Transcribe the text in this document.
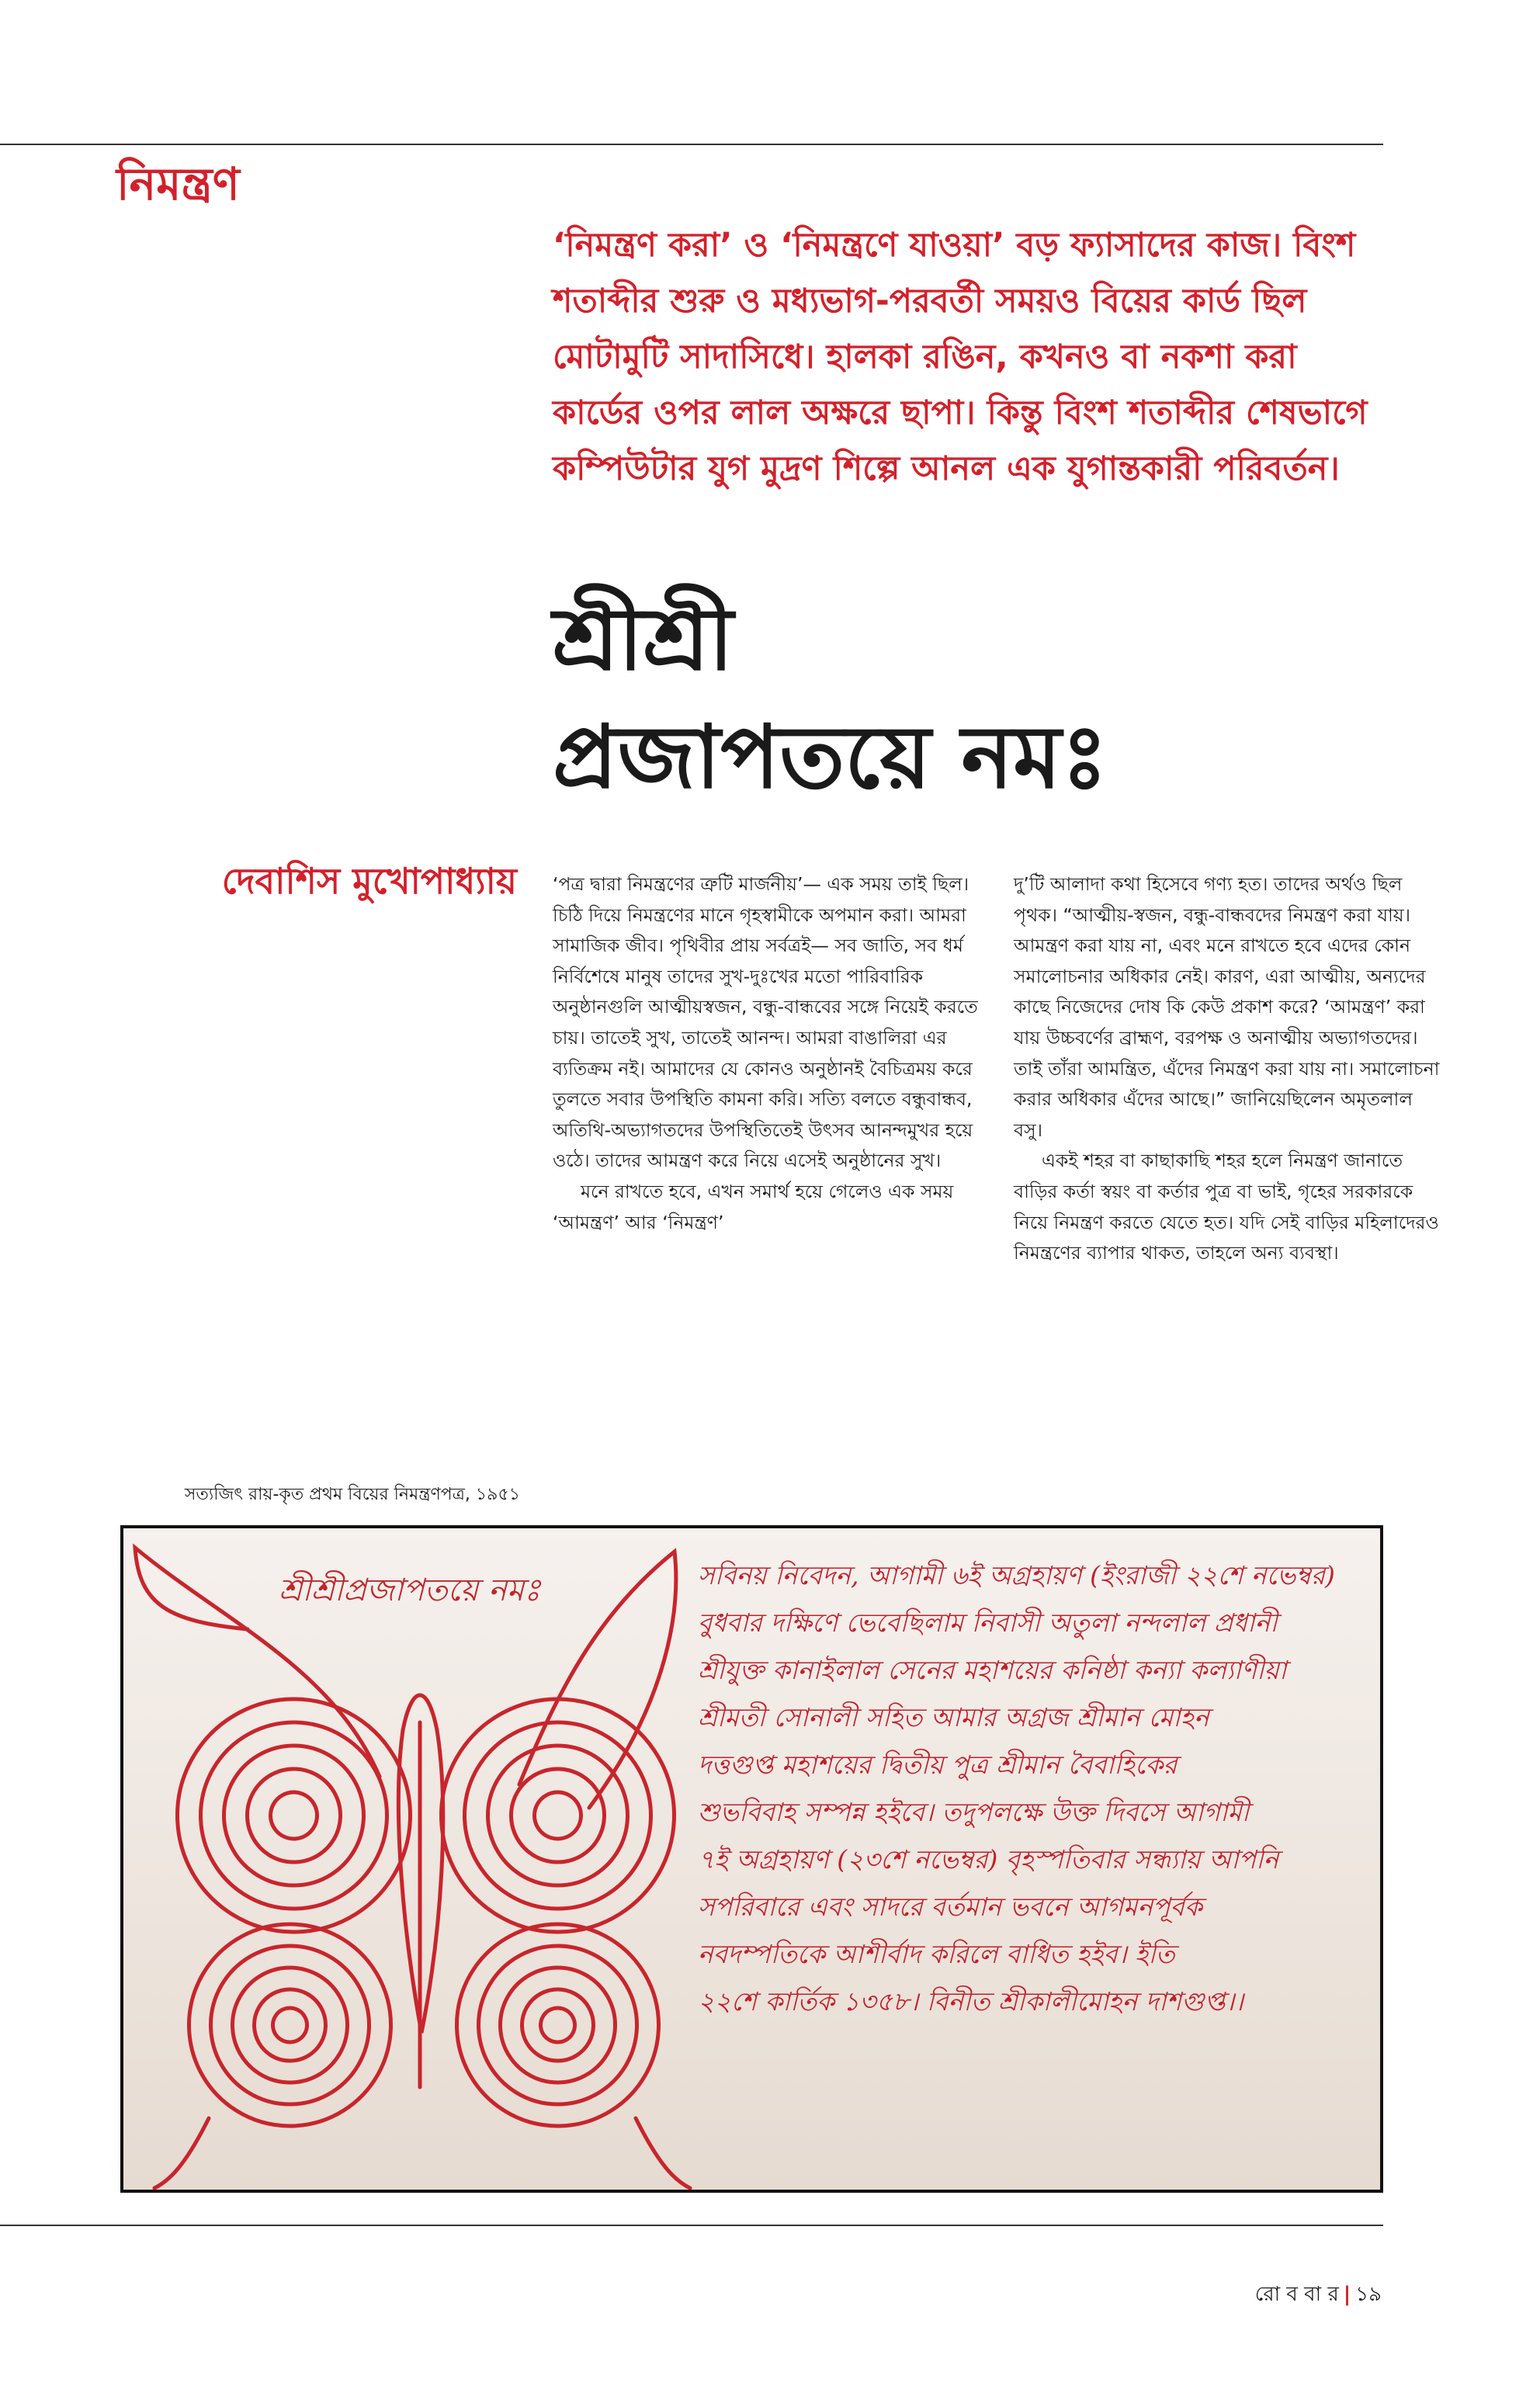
নিমন্ত্রণ
‘নিমন্ত্রণ করা’ ও ‘নিমন্ত্রণে যাওয়া’ বড় ফ্যাসাদের কাজ। বিংশ শতাব্দীর শুরু ও মধ্যভাগ-পরবর্তী সময়ও বিয়ের কার্ড ছিল মোটামুটি সাদাসিধে। হালকা রঙিন, কখনও বা নকশা করা কার্ডের ওপর লাল অক্ষরে ছাপা। কিন্তু বিংশ শতাব্দীর শেষভাগে কম্পিউটার যুগ মুদ্রণ শিল্পে আনল এক যুগান্তকারী পরিবর্তন।
শ্রীশ্রী
প্রজাপতয়ে নমঃ
দেবাশিস মুখোপাধ্যায় ‘পত্র দ্বারা নিমন্ত্রণের ত্রুটি মার্জনীয়’— এক সময় তাই ছিল। চিঠি দিয়ে নিমন্ত্রণের মানে গৃহস্বামীকে অপমান করা। আমরা সামাজিক জীব। পৃথিবীর প্রায় সর্বত্রই— সব জাতি, সব ধর্ম নির্বিশেষে মানুষ তাদের সুখ-দুঃখের মতো পারিবারিক অনুষ্ঠানগুলি আত্মীয়স্বজন, বন্ধু-বান্ধবের সঙ্গে নিয়েই করতে চায়। তাতেই সুখ, তাতেই আনন্দ। আমরা বাঙালিরা এর ব্যতিক্রম নই। আমাদের যে কোনও অনুষ্ঠানই বৈচিত্রময় করে তুলতে সবার উপস্থিতি কামনা করি। সত্যি বলতে বন্ধুবান্ধব, অতিথি-অভ্যাগতদের উপস্থিতিতেই উৎসব আনন্দমুখর হয়ে ওঠে। তাদের আমন্ত্রণ করে নিয়ে এসেই অনুষ্ঠানের সুখ।

মনে রাখতে হবে, এখন সমার্থ হয়ে গেলেও এক সময় ‘আমন্ত্রণ’ আর ‘নিমন্ত্রণ’

দু’টি আলাদা কথা হিসেবে গণ্য হত। তাদের অর্থও ছিল পৃথক। “আত্মীয়-স্বজন, বন্ধু-বান্ধবদের নিমন্ত্রণ করা যায়। আমন্ত্রণ করা যায় না, এবং মনে রাখতে হবে এদের কোন সমালোচনার অধিকার নেই। কারণ, এরা আত্মীয়, অন্যদের কাছে নিজেদের দোষ কি কেউ প্রকাশ করে? ‘আমন্ত্রণ’ করা যায় উচ্চবর্ণের ব্রাহ্মণ, বরপক্ষ ও অনাত্মীয় অভ্যাগতদের। তাই তাঁরা আমন্ত্রিত, এঁদের নিমন্ত্রণ করা যায় না। সমালোচনা করার অধিকার এঁদের আছে।” জানিয়েছিলেন অমৃতলাল বসু।

একই শহর বা কাছাকাছি শহর হলে নিমন্ত্রণ জানাতে বাড়ির কর্তা স্বয়ং বা কর্তার পুত্র বা ভাই, গৃহের সরকারকে নিয়ে নিমন্ত্রণ করতে যেতে হত। যদি সেই বাড়ির মহিলাদেরও নিমন্ত্রণের ব্যাপার থাকত, তাহলে অন্য ব্যবস্থা।

সত্যজিৎ রায়-কৃত প্রথম বিয়ের নিমন্ত্রণপত্র, ১৯৫১
শ্রীশ্রীপ্রজাপতয়ে নমঃ	সবিনয় নিবেদন, আগামী ৬ই অগ্রহায়ণ (ইংরাজী ২২শে নভেম্বর)
বুধবার দক্ষিণে ভেবেছিলাম নিবাসী অতুলা নন্দলাল প্রধানী
শ্রীযুক্ত কানাইলাল সেনের মহাশয়ের কনিষ্ঠা কন্যা কল্যাণীয়া
শ্রীমতী সোনালী সহিত আমার অগ্রজ শ্রীমান মোহন
দত্তগুপ্ত মহাশয়ের দ্বিতীয় পুত্র শ্রীমান বৈবাহিকের
শুভবিবাহ সম্পন্ন হইবে। তদুপলক্ষে উক্ত দিবসে আগামী
৭ই অগ্রহায়ণ (২৩শে নভেম্বর) বৃহস্পতিবার সন্ধ্যায় আপনি
সপরিবারে এবং সাদরে বর্তমান ভবনে আগমনপূর্বক
নবদম্পতিকে আশীর্বাদ করিলে বাধিত হইব। ইতি
২২শে কার্তিক ১৩৫৮। বিনীত শ্রীকালীমোহন দাশগুপ্ত।।
রো ব বা র | ১৯
